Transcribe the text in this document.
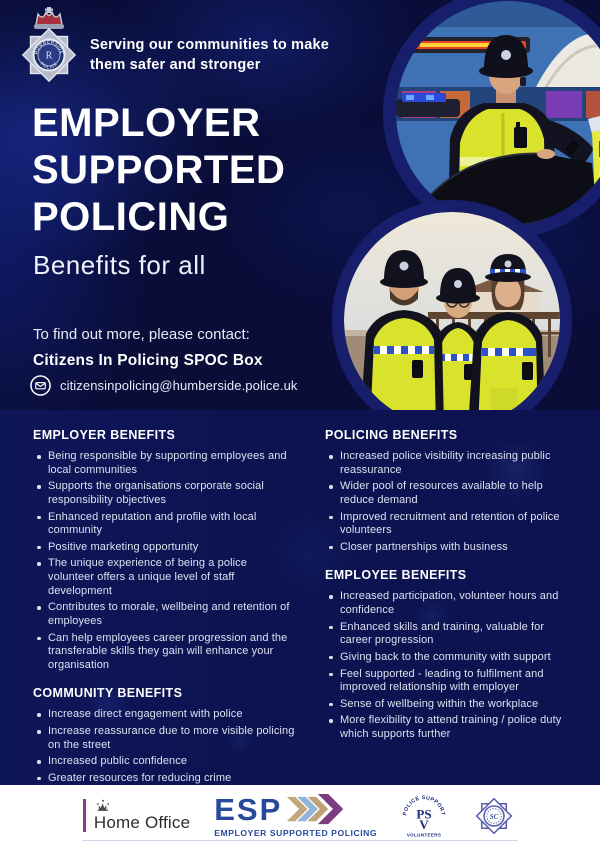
HUMBERSIDE
POLICE
R
Serving our communities to make them safer and stronger
EMPLOYER SUPPORTED POLICING
Benefits for all
To find out more, please contact:
Citizens In Policing SPOC Box
citizensinpolicing@humberside.police.uk
EMPLOYER BENEFITS
Being responsible by supporting employees and local communities
Supports the organisations corporate social responsibility objectives
Enhanced reputation and profile with local community
Positive marketing opportunity
The unique experience of being a police volunteer offers a unique level of staff development
Contributes to morale, wellbeing and retention of employees
Can help employees career progression and the transferable skills they gain will enhance your organisation
COMMUNITY BENEFITS
Increase direct engagement with police
Increase reassurance due to more visible policing on the street
Increased public confidence
Greater resources for reducing crime
POLICING BENEFITS
Increased police visibility increasing public reassurance
Wider pool of resources available to help reduce demand
Improved recruitment and retention of police volunteers
Closer partnerships with business
EMPLOYEE BENEFITS
Increased participation, volunteer hours and confidence
Enhanced skills and training, valuable for career progression
Giving back to the community with support
Feel supported - leading to fulfilment and improved relationship with employer
Sense of wellbeing within the workplace
More flexibility to attend training / police duty which supports further
Home Office ESP
EMPLOYER SUPPORTED POLICING
POLICE SUPPORT
PS
V
VOLUNTEERS
SC
